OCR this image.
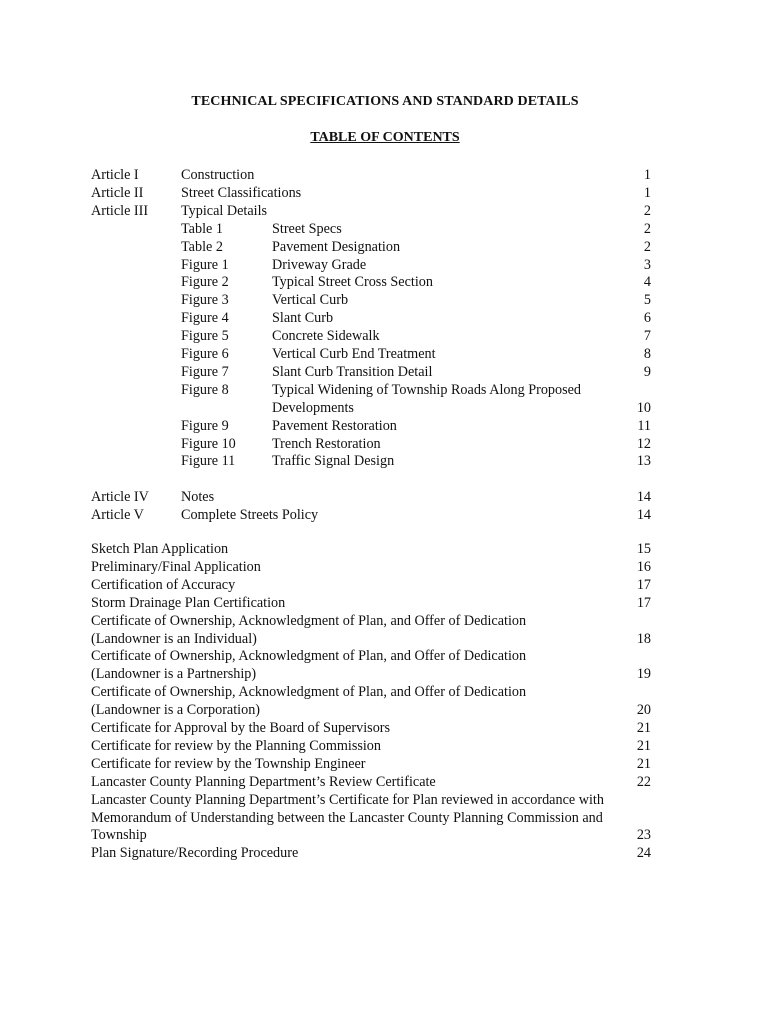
TECHNICAL SPECIFICATIONS AND STANDARD DETAILS
TABLE OF CONTENTS
Article I	Construction	1
Article II	Street Classifications	1
Article III Typical Details	2
Table 1	Street Specs	2
Table 2	Pavement Designation	2
Figure 1	Driveway Grade	3
Figure 2	Typical Street Cross Section	4
Figure 3	Vertical Curb	5
Figure 4	Slant Curb	6
Figure 5	Concrete Sidewalk	7
Figure 6	Vertical Curb End Treatment	8
Figure 7	Slant Curb Transition Detail	9
Figure 8	Typical Widening of Township Roads Along Proposed
Developments	10
Figure 9	Pavement Restoration	11
Figure 10	Trench Restoration	12
Figure 11	Traffic Signal Design	13
Article IV Notes	14
Article V	Complete Streets Policy	14
Sketch Plan Application	15
Preliminary/Final Application	16
Certification of Accuracy	17
Storm Drainage Plan Certification	17
Certificate of Ownership, Acknowledgment of Plan, and Offer of Dedication
(Landowner is an Individual)	18
Certificate of Ownership, Acknowledgment of Plan, and Offer of Dedication
(Landowner is a Partnership)	19
Certificate of Ownership, Acknowledgment of Plan, and Offer of Dedication
(Landowner is a Corporation)	20
Certificate for Approval by the Board of Supervisors	21
Certificate for review by the Planning Commission	21
Certificate for review by the Township Engineer	21
Lancaster County Planning Department’s Review Certificate	22
Lancaster County Planning Department’s Certificate for Plan reviewed in accordance with
Memorandum of Understanding between the Lancaster County Planning Commission and
Township	23
Plan Signature/Recording Procedure	24
